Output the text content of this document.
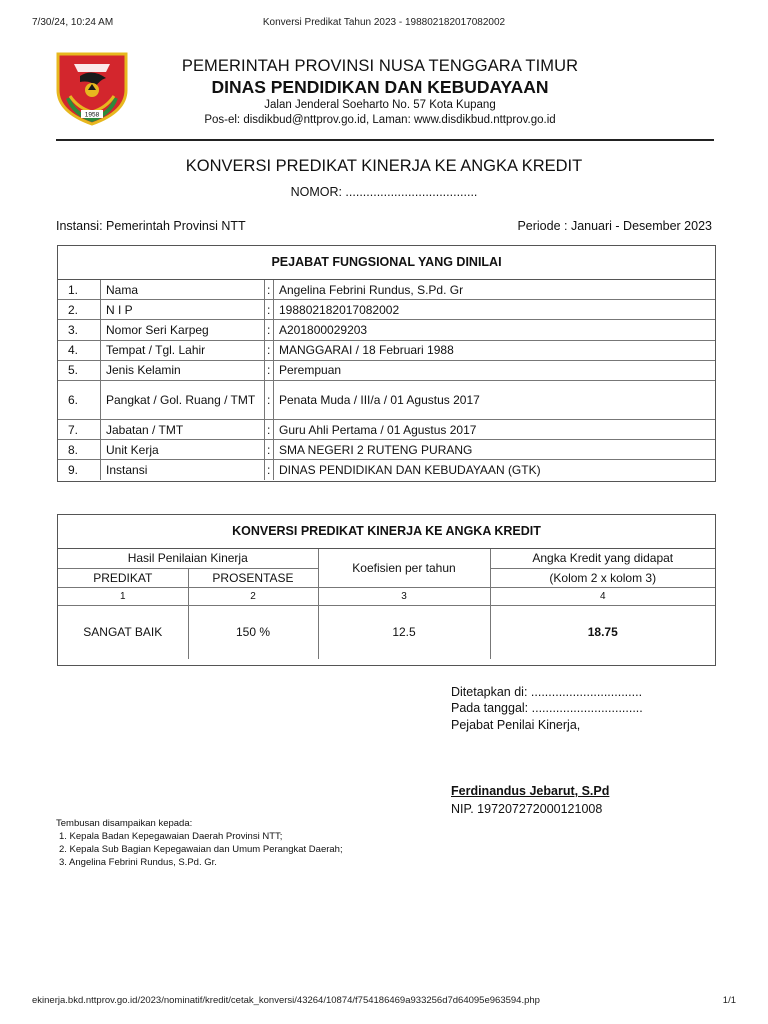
7/30/24, 10:24 AM	Konversi Predikat Tahun 2023 - 198802182017082002
1958
PEMERINTAH PROVINSI NUSA TENGGARA TIMUR
DINAS PENDIDIKAN DAN KEBUDAYAAN
Jalan Jenderal Soeharto No. 57 Kota Kupang
Pos-el: disdikbud@nttprov.go.id, Laman: www.disdikbud.nttprov.go.id
KONVERSI PREDIKAT KINERJA KE ANGKA KREDIT
NOMOR: ......................................
Instansi: Pemerintah Provinsi NTT	Periode : Januari - Desember 2023
PEJABAT FUNGSIONAL YANG DINILAI
1.	Nama	:	Angelina Febrini Rundus, S.Pd. Gr
2.	N I P	:	198802182017082002
3.	Nomor Seri Karpeg	:	A201800029203
4.	Tempat / Tgl. Lahir	:	MANGGARAI / 18 Februari 1988
5.	Jenis Kelamin	:	Perempuan
6.	Pangkat / Gol. Ruang / TMT	:	Penata Muda / III/a / 01 Agustus 2017
7.	Jabatan / TMT	:	Guru Ahli Pertama / 01 Agustus 2017
8.	Unit Kerja	:	SMA NEGERI 2 RUTENG PURANG
9.	Instansi	:	DINAS PENDIDIKAN DAN KEBUDAYAAN (GTK)
KONVERSI PREDIKAT KINERJA KE ANGKA KREDIT
Hasil Penilaian Kinerja		Koefisien per tahun	Angka Kredit yang didapat
PREDIKAT	PROSENTASE		(Kolom 2 x kolom 3)
1	2	3	4
SANGAT BAIK	150 %	12.5	18.75
Ditetapkan di: ................................
Pada tanggal: ................................
Pejabat Penilai Kinerja,
Ferdinandus Jebarut, S.Pd
NIP. 197207272000121008
Tembusan disampaikan kepada:
1. Kepala Badan Kepegawaian Daerah Provinsi NTT;
2. Kepala Sub Bagian Kepegawaian dan Umum Perangkat Daerah;
3. Angelina Febrini Rundus, S.Pd. Gr.
ekinerja.bkd.nttprov.go.id/2023/nominatif/kredit/cetak_konversi/43264/10874/f754186469a933256d7d64095e963594.php	1/1
